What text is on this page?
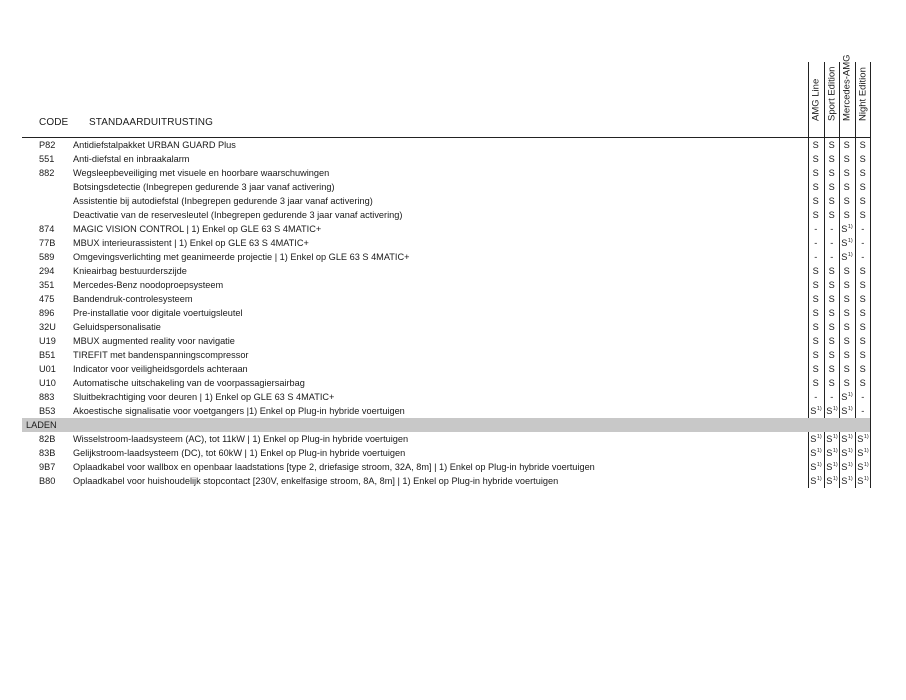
CODE STANDAARDUITRUSTING
AMG Line Sport Edition Mercedes-AMG Night Edition
P82 Antidiefstalpakket URBAN GUARD Plus	S	S S	S
551 Anti-diefstal en inbraakalarm	S	S S	S
882 Wegsleepbeveiliging met visuele en hoorbare waarschuwingen	S	S S	S
Botsingsdetectie (Inbegrepen gedurende 3 jaar vanaf activering)	S	S S	S
Assistentie bij autodiefstal (Inbegrepen gedurende 3 jaar vanaf activering)	S	S S	S
Deactivatie van de reservesleutel (Inbegrepen gedurende 3 jaar vanaf activering)	S	S S	S
874 MAGIC VISION CONTROL | 1) Enkel op GLE 63 S 4MATIC+	-	- $S^{1)}$ -
77B MBUX interieurassistent | 1) Enkel op GLE 63 S 4MATIC+	-	- $S^{1)}$ -
589 Omgevingsverlichting met geanimeerde projectie | 1) Enkel op GLE 63 S 4MATIC+	-	- $S^{1)}$ -
294 Knieairbag bestuurderszijde	S	S S	S
351 Mercedes-Benz noodoproepsysteem	S	S S	S
475 Bandendruk-controlesysteem	S	S S	S
896 Pre-installatie voor digitale voertuigsleutel	S	S S	S
32U Geluidspersonalisatie	S	S S	S
U19 MBUX augmented reality voor navigatie	S	S S	S
B51 TIREFIT met bandenspanningscompressor	S	S S	S
U01 Indicator voor veiligheidsgordels achteraan	S	S S	S
U10 Automatische uitschakeling van de voorpassagiersairbag	S	S S	S
883 Sluitbekrachtiging voor deuren | 1) Enkel op GLE 63 S 4MATIC+	-	- $S^{1)}$ -
B53 Akoestische signalisatie voor voetgangers |1) Enkel op Plug-in hybride voertuigen	$S^{1)}$ $S^{1)}$ $S^{1)}$ -
LADEN
82B Wisselstroom-laadsysteem (AC), tot 11kW | 1) Enkel op Plug-in hybride voertuigen	$S^{1)}$ $S^{1)}$ $S^{1)}$ $S^{1)}$
83B Gelijkstroom-laadsysteem (DC), tot 60kW | 1) Enkel op Plug-in hybride voertuigen	$S^{1)}$ $S^{1)}$ $S^{1)}$ $S^{1)}$
9B7 Oplaadkabel voor wallbox en openbaar laadstations [type 2, driefasige stroom, 32A, 8m] | 1) Enkel op Plug-in hybride voertuigen	$S^{1)}$ $S^{1)}$ $S^{1)}$ $S^{1)}$
B80 Oplaadkabel voor huishoudelijk stopcontact [230V, enkelfasige stroom, 8A, 8m] | 1) Enkel op Plug-in hybride voertuigen	$S^{1)}$ $S^{1)}$ $S^{1)}$ $S^{1)}$
